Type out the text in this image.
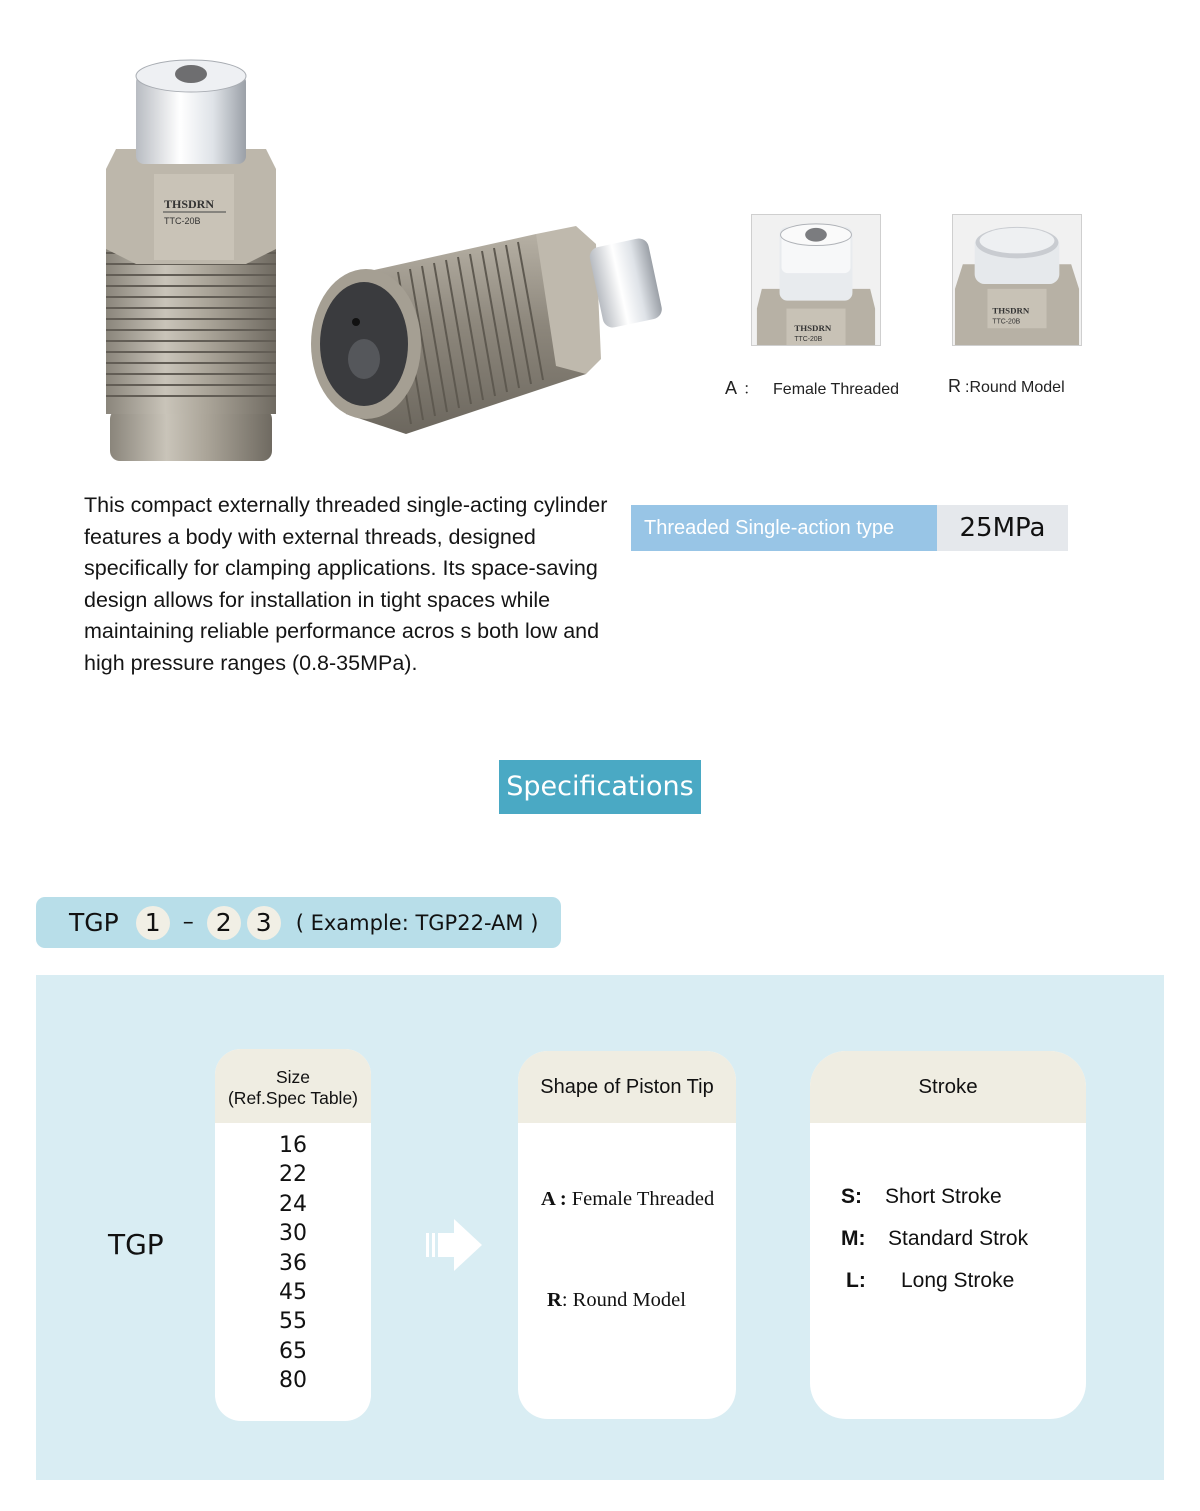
THSDRN
TTC-20B
THSDRN
TTC-20B
THSDRN
TTC-20B
A ： Female Threaded	R :Round Model

This compact externally threaded single-acting cylinder features a body with external threads, designed specifically for clamping applications. Its space-saving design allows for installation in tight spaces while maintaining reliable performance acros s both low and high pressure ranges (0.8-35MPa).

Threaded Single-action type	25MPa
Specifications
TGP	1	– 2 3	( Example: TGP22-AM )
TGP
Size
(Ref.Spec Table)
16
22
24
30
36
45
55
65
80
Shape of Piston Tip
A : Female Threaded
R: Round Model
Stroke
S: Short Stroke
M: Standard Strok
L: Long Stroke
